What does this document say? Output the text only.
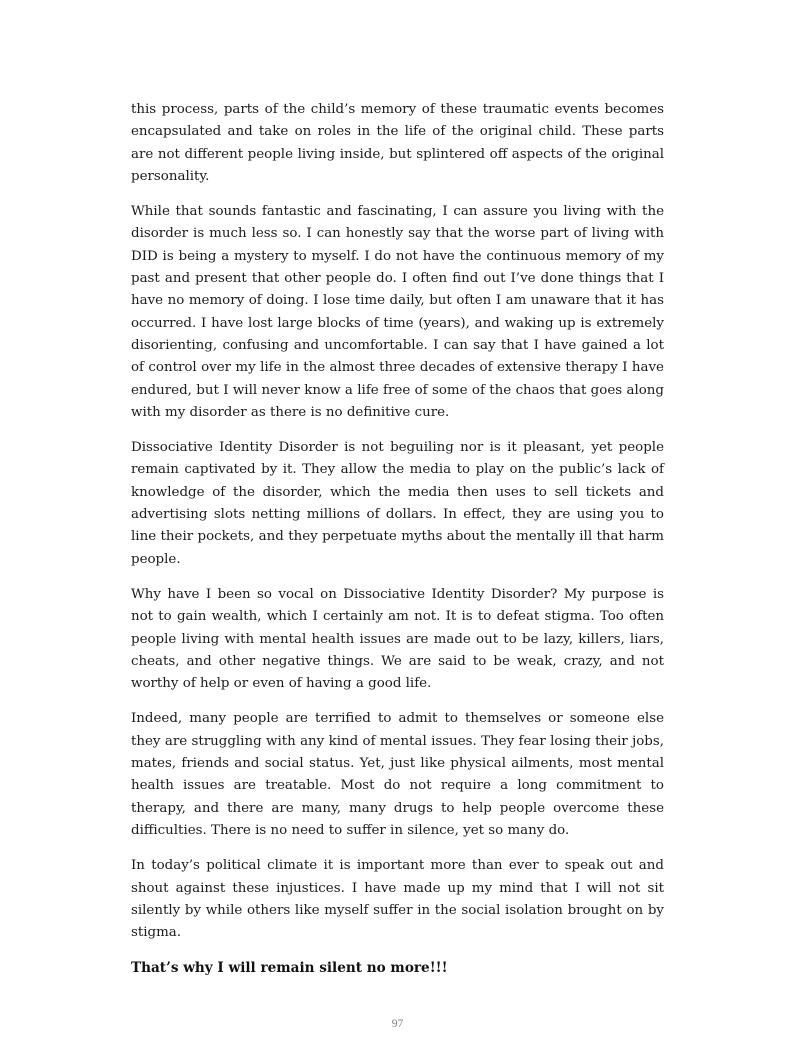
this process, parts of the child’s memory of these traumatic events becomes encapsulated and take on roles in the life of the original child. These parts are not different people living inside, but splintered off aspects of the original personality.

While that sounds fantastic and fascinating, I can assure you living with the disorder is much less so. I can honestly say that the worse part of living with DID is being a mystery to myself. I do not have the continuous memory of my past and present that other people do. I often find out I’ve done things that I have no memory of doing. I lose time daily, but often I am unaware that it has occurred. I have lost large blocks of time (years), and waking up is extremely disorienting, confusing and uncomfortable. I can say that I have gained a lot of control over my life in the almost three decades of extensive therapy I have endured, but I will never know a life free of some of the chaos that goes along with my disorder as there is no definitive cure.

Dissociative Identity Disorder is not beguiling nor is it pleasant, yet people remain captivated by it. They allow the media to play on the public’s lack of knowledge of the disorder, which the media then uses to sell tickets and advertising slots netting millions of dollars. In effect, they are using you to line their pockets, and they perpetuate myths about the mentally ill that harm people.

Why have I been so vocal on Dissociative Identity Disorder? My purpose is not to gain wealth, which I certainly am not. It is to defeat stigma. Too often people living with mental health issues are made out to be lazy, killers, liars, cheats, and other negative things. We are said to be weak, crazy, and not worthy of help or even of having a good life.

Indeed, many people are terrified to admit to themselves or someone else they are struggling with any kind of mental issues. They fear losing their jobs, mates, friends and social status. Yet, just like physical ailments, most mental health issues are treatable. Most do not require a long commitment to therapy, and there are many, many drugs to help people overcome these difficulties. There is no need to suffer in silence, yet so many do.

In today’s political climate it is important more than ever to speak out and shout against these injustices. I have made up my mind that I will not sit silently by while others like myself suffer in the social isolation brought on by stigma.

That’s why I will remain silent no more!!!

97
